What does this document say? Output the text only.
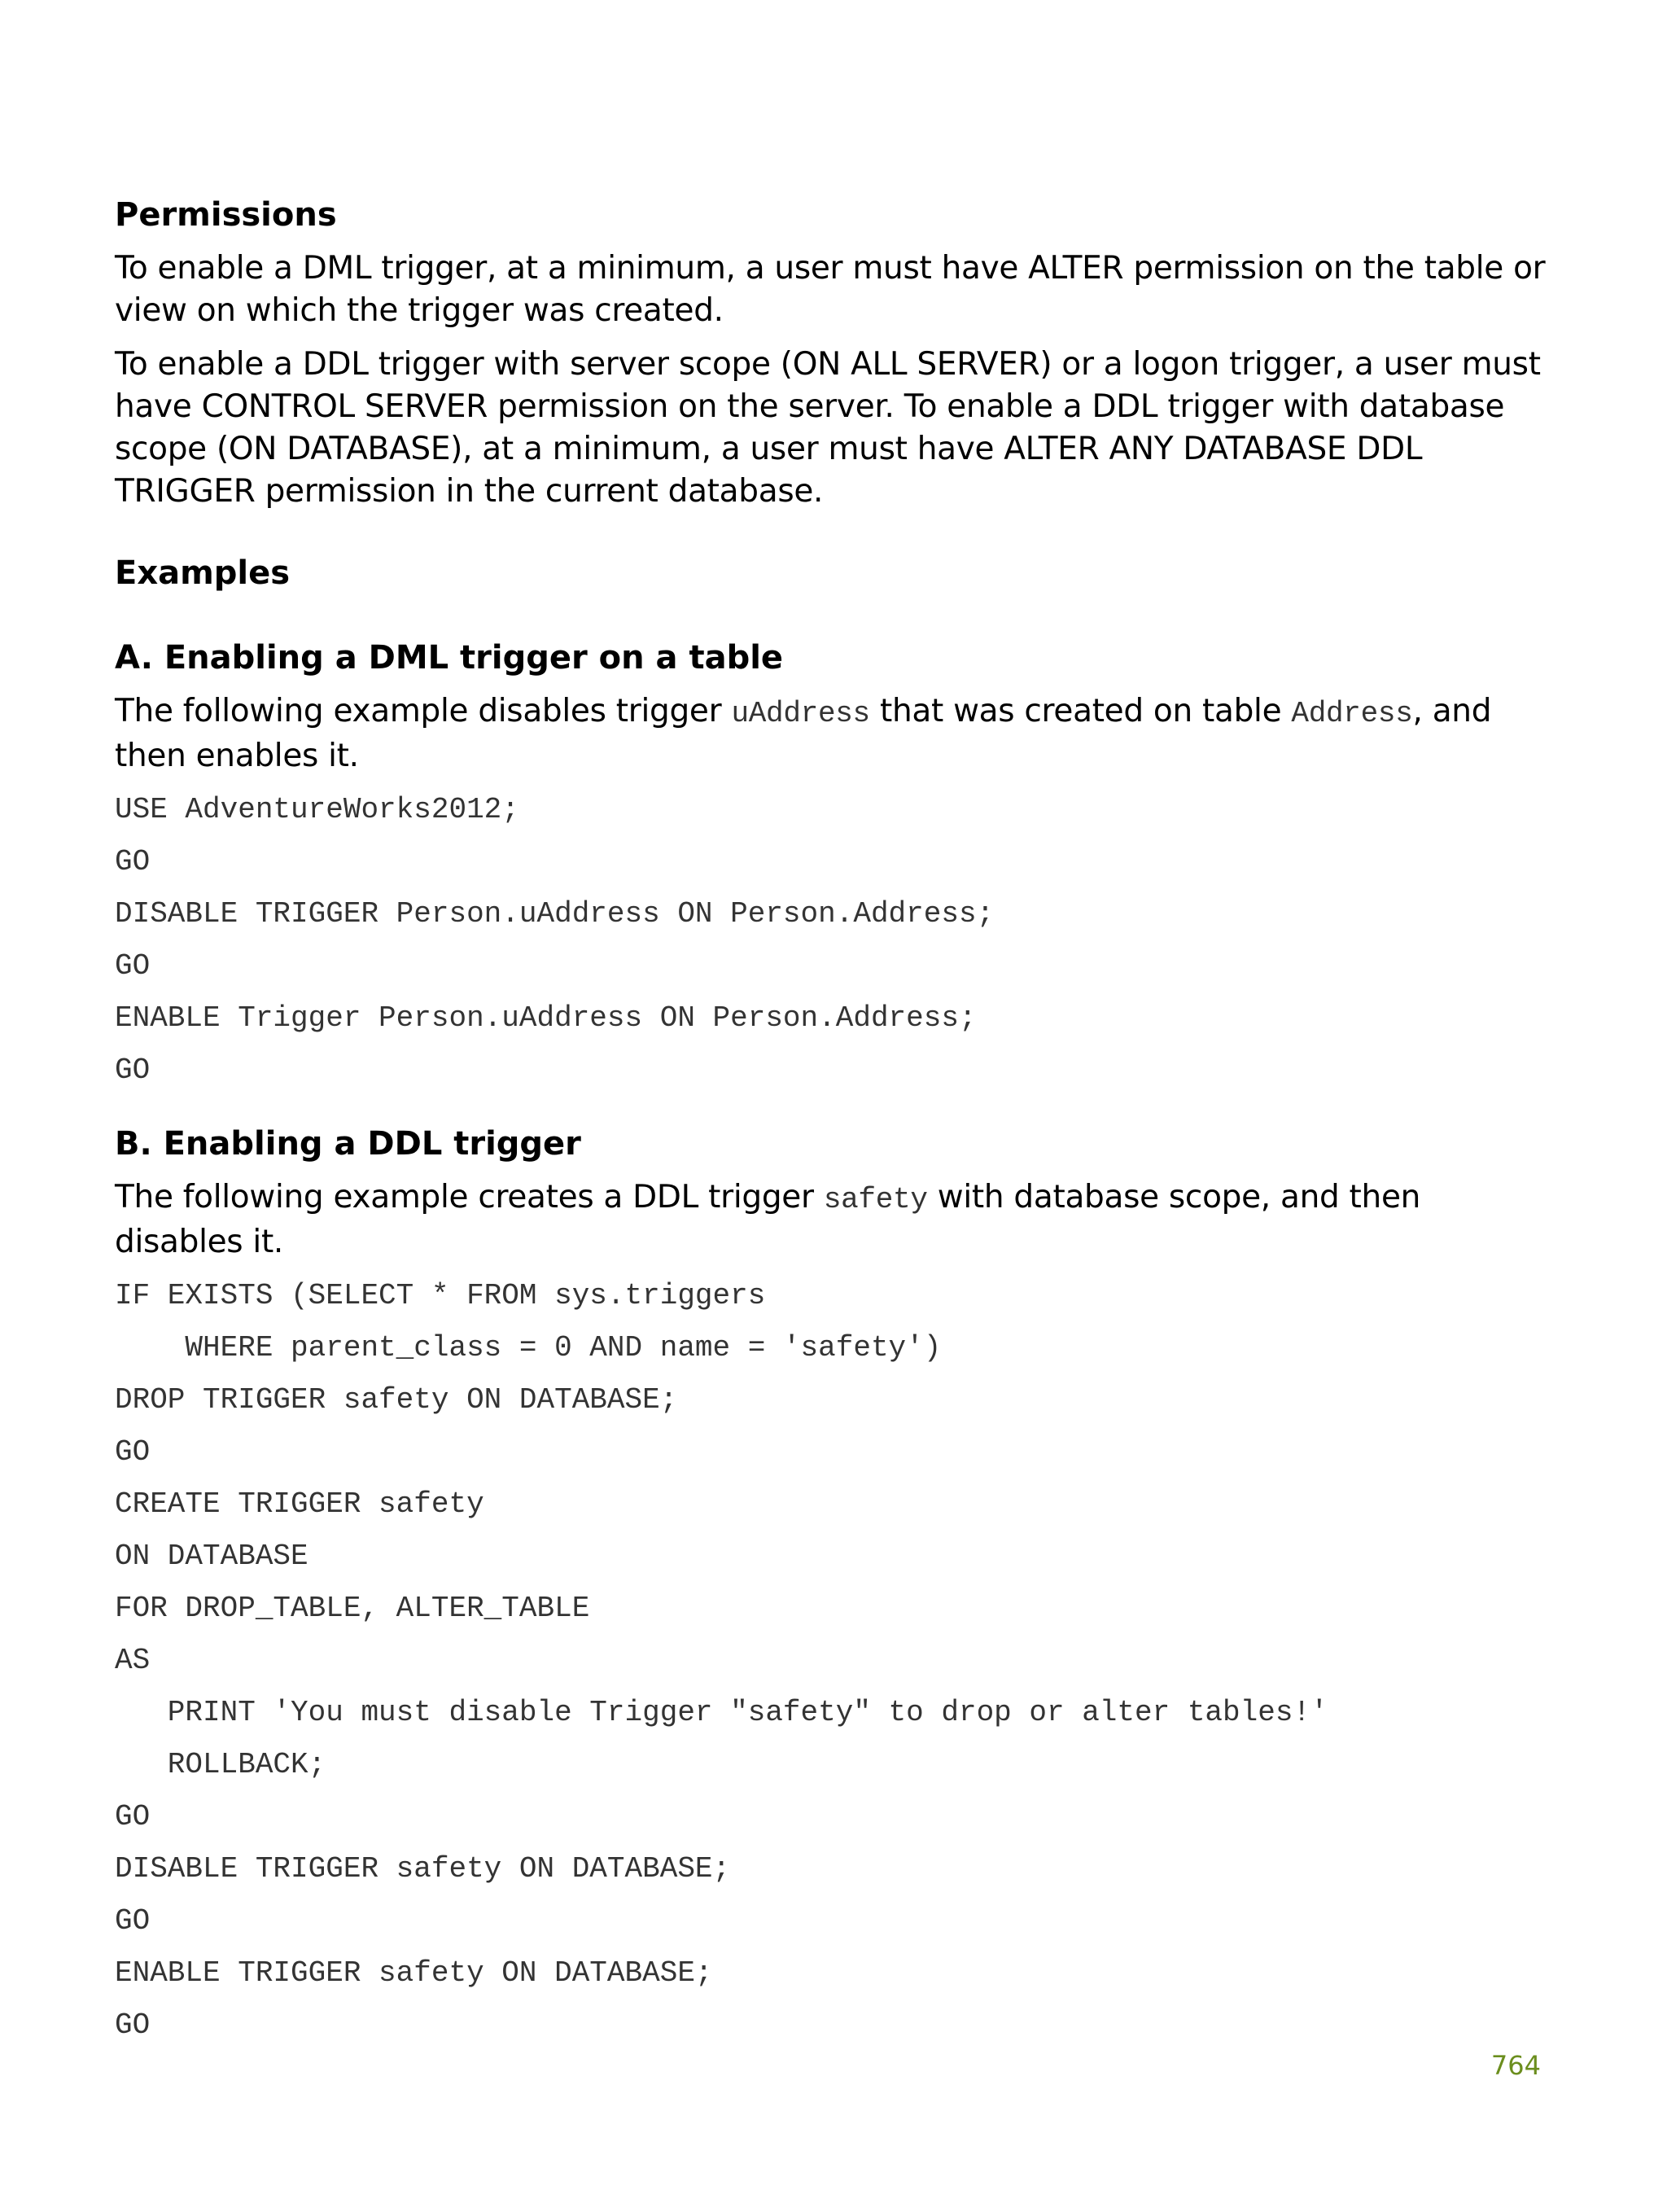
Permissions

To enable a DML trigger, at a minimum, a user must have ALTER permission on the table or view on which the trigger was created.

To enable a DDL trigger with server scope (ON ALL SERVER) or a logon trigger, a user must have CONTROL SERVER permission on the server. To enable a DDL trigger with database scope (ON DATABASE), at a minimum, a user must have ALTER ANY DATABASE DDL TRIGGER permission in the current database.

Examples
A. Enabling a DML trigger on a table

The following example disables trigger uAddress that was created on table Address, and then enables it.

USE AdventureWorks2012;
GO
DISABLE TRIGGER Person.uAddress ON Person.Address;
GO
ENABLE Trigger Person.uAddress ON Person.Address;
GO
B. Enabling a DDL trigger

The following example creates a DDL trigger safety with database scope, and then disables it.

IF EXISTS (SELECT * FROM sys.triggers
WHERE parent_class = 0 AND name = 'safety')
DROP TRIGGER safety ON DATABASE;
GO
CREATE TRIGGER safety
ON DATABASE
FOR DROP_TABLE, ALTER_TABLE
AS
PRINT 'You must disable Trigger "safety" to drop or alter tables!'
ROLLBACK;
GO
DISABLE TRIGGER safety ON DATABASE;
GO
ENABLE TRIGGER safety ON DATABASE;
GO
764
